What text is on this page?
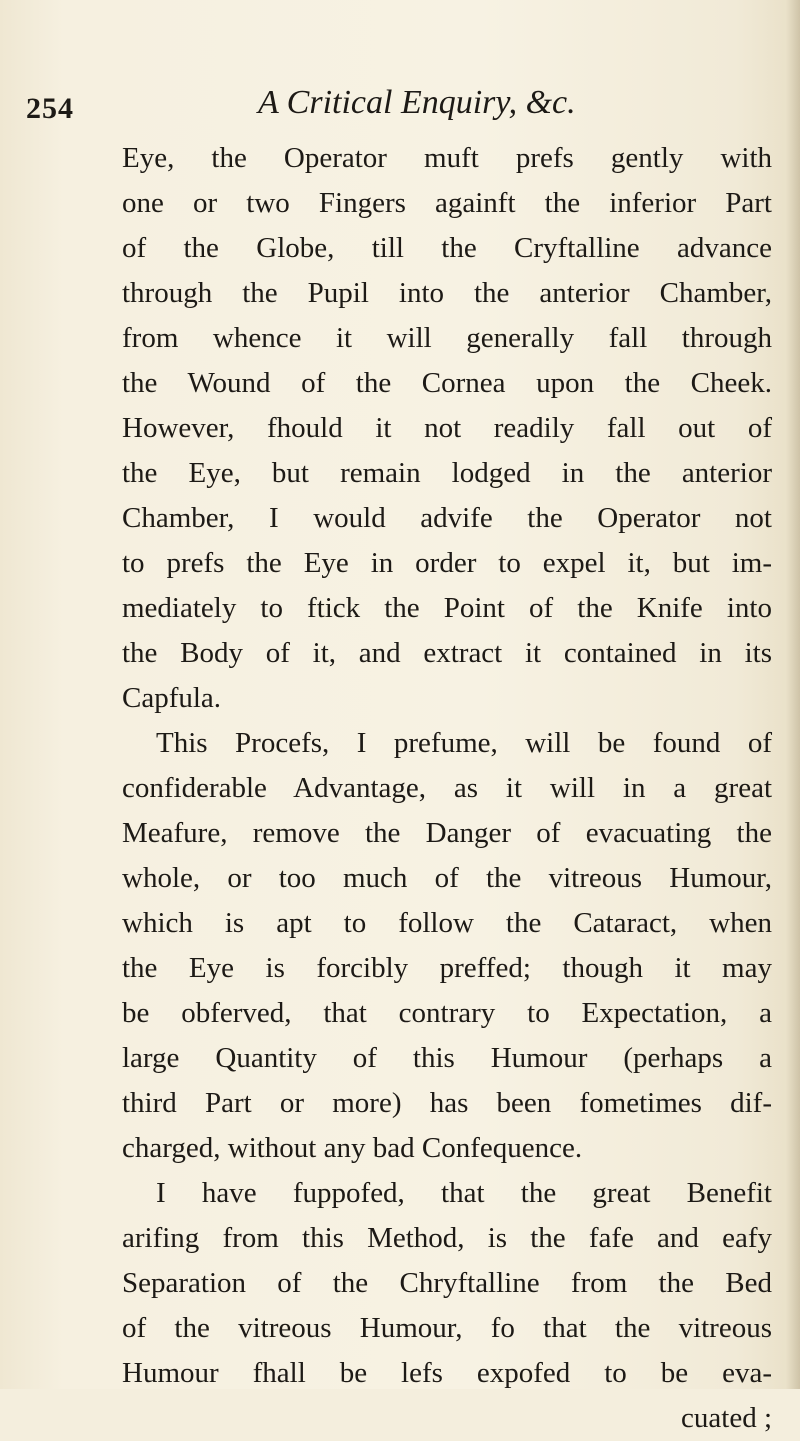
254	A Critical Enquiry, &c.
Eye, the Operator muft prefs gently with
one or two Fingers againft the inferior Part
of the Globe, till the Cryftalline advance
through the Pupil into the anterior Chamber,
from whence it will generally fall through
the Wound of the Cornea upon the Cheek.
However, fhould it not readily fall out of
the Eye, but remain lodged in the anterior
Chamber, I would advife the Operator not
to prefs the Eye in order to expel it, but im-
mediately to ftick the Point of the Knife into
the Body of it, and extract it contained in its
Capfula.
This Procefs, I prefume, will be found of
confiderable Advantage, as it will in a great
Meafure, remove the Danger of evacuating the
whole, or too much of the vitreous Humour,
which is apt to follow the Cataract, when
the Eye is forcibly preffed; though it may
be obferved, that contrary to Expectation, a
large Quantity of this Humour (perhaps a
third Part or more) has been fometimes dif-
charged, without any bad Confequence.
I have fuppofed, that the great Benefit
arifing from this Method, is the fafe and eafy
Separation of the Chryftalline from the Bed
of the vitreous Humour, fo that the vitreous
Humour fhall be lefs expofed to be eva-
cuated ;
